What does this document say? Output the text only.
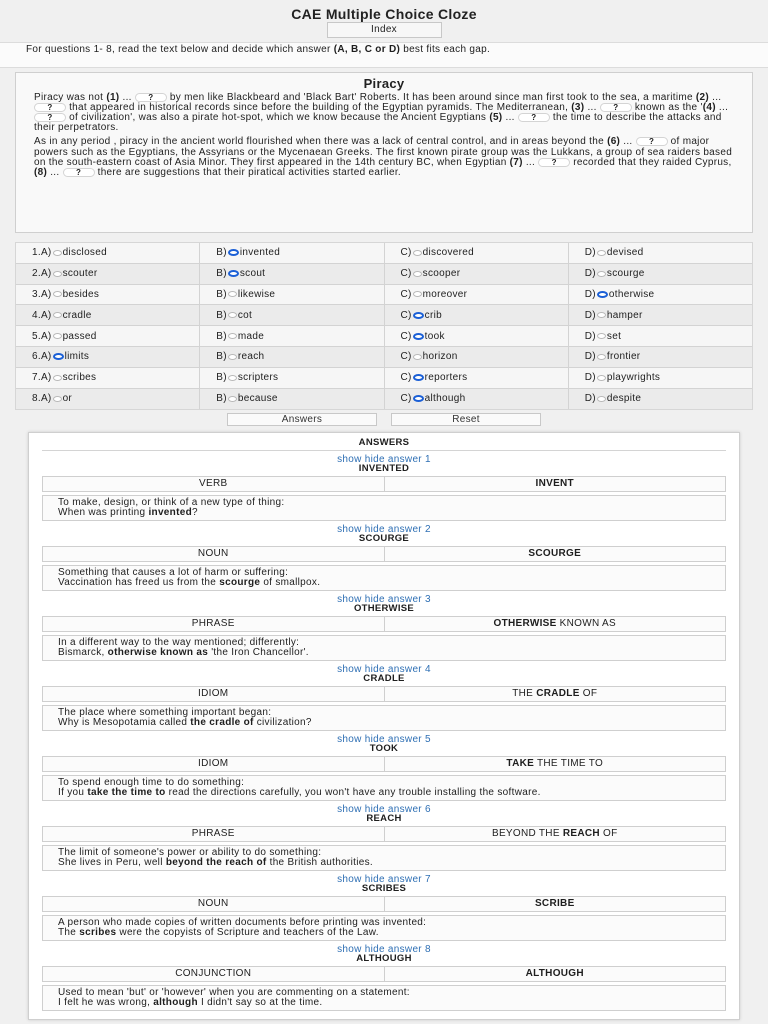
CAE Multiple Choice Cloze
Index
For questions 1- 8, read the text below and decide which answer (A, B, C or D) best fits each gap.
Piracy

Piracy was not (1) ... ? by men like Blackbeard and 'Black Bart' Roberts. It has been around since man first took to the sea, a maritime (2) ... ? that appeared in historical records since before the building of the Egyptian pyramids. The Mediterranean, (3) ... ? known as the '(4) ... ? of civilization', was also a pirate hot-spot, which we know because the Ancient Egyptians (5) ... ? the time to describe the attacks and their perpetrators.

As in any period , piracy in the ancient world flourished when there was a lack of central control, and in areas beyond the (6) ... ? of major powers such as the Egyptians, the Assyrians or the Mycenaean Greeks. The first known pirate group was the Lukkans, a group of sea raiders based on the south-eastern coast of Asia Minor. They first appeared in the 14th century BC, when Egyptian (7) ... ? recorded that they raided Cyprus, (8) ... ? there are suggestions that their piratical activities started earlier.

1. A) disclosed	B) invented	C) discovered	D) devised
2. A) scouter	B) scout	C) scooper	D) scourge
3. A) besides	B) likewise	C) moreover	D) otherwise
4. A) cradle	B) cot	C) crib	D) hamper
5. A) passed	B) made	C) took	D) set
6. A) limits	B) reach	C) horizon	D) frontier
7. A) scribes	B) scripters	C) reporters	D) playwrights
8. A) or	B) because	C) although	D) despite
Answers	Reset
ANSWERS
show hide answer 1
INVENTED
VERB	INVENT
To make, design, or think of a new type of thing:
When was printing invented?
show hide answer 2
SCOURGE
NOUN	SCOURGE
Something that causes a lot of harm or suffering:
Vaccination has freed us from the scourge of smallpox.
show hide answer 3
OTHERWISE
PHRASE	OTHERWISE KNOWN AS
In a different way to the way mentioned; differently:
Bismarck, otherwise known as 'the Iron Chancellor'.
show hide answer 4
CRADLE
IDIOM	THE CRADLE OF
The place where something important began:
Why is Mesopotamia called the cradle of civilization?
show hide answer 5
TOOK
IDIOM	TAKE THE TIME TO
To spend enough time to do something:
If you take the time to read the directions carefully, you won't have any trouble installing the software.
show hide answer 6
REACH
PHRASE	BEYOND THE REACH OF
The limit of someone's power or ability to do something:
She lives in Peru, well beyond the reach of the British authorities.
show hide answer 7
SCRIBES
NOUN	SCRIBE
A person who made copies of written documents before printing was invented:
The scribes were the copyists of Scripture and teachers of the Law.
show hide answer 8
ALTHOUGH
CONJUNCTION	ALTHOUGH
Used to mean 'but' or 'however' when you are commenting on a statement:
I felt he was wrong, although I didn't say so at the time.
